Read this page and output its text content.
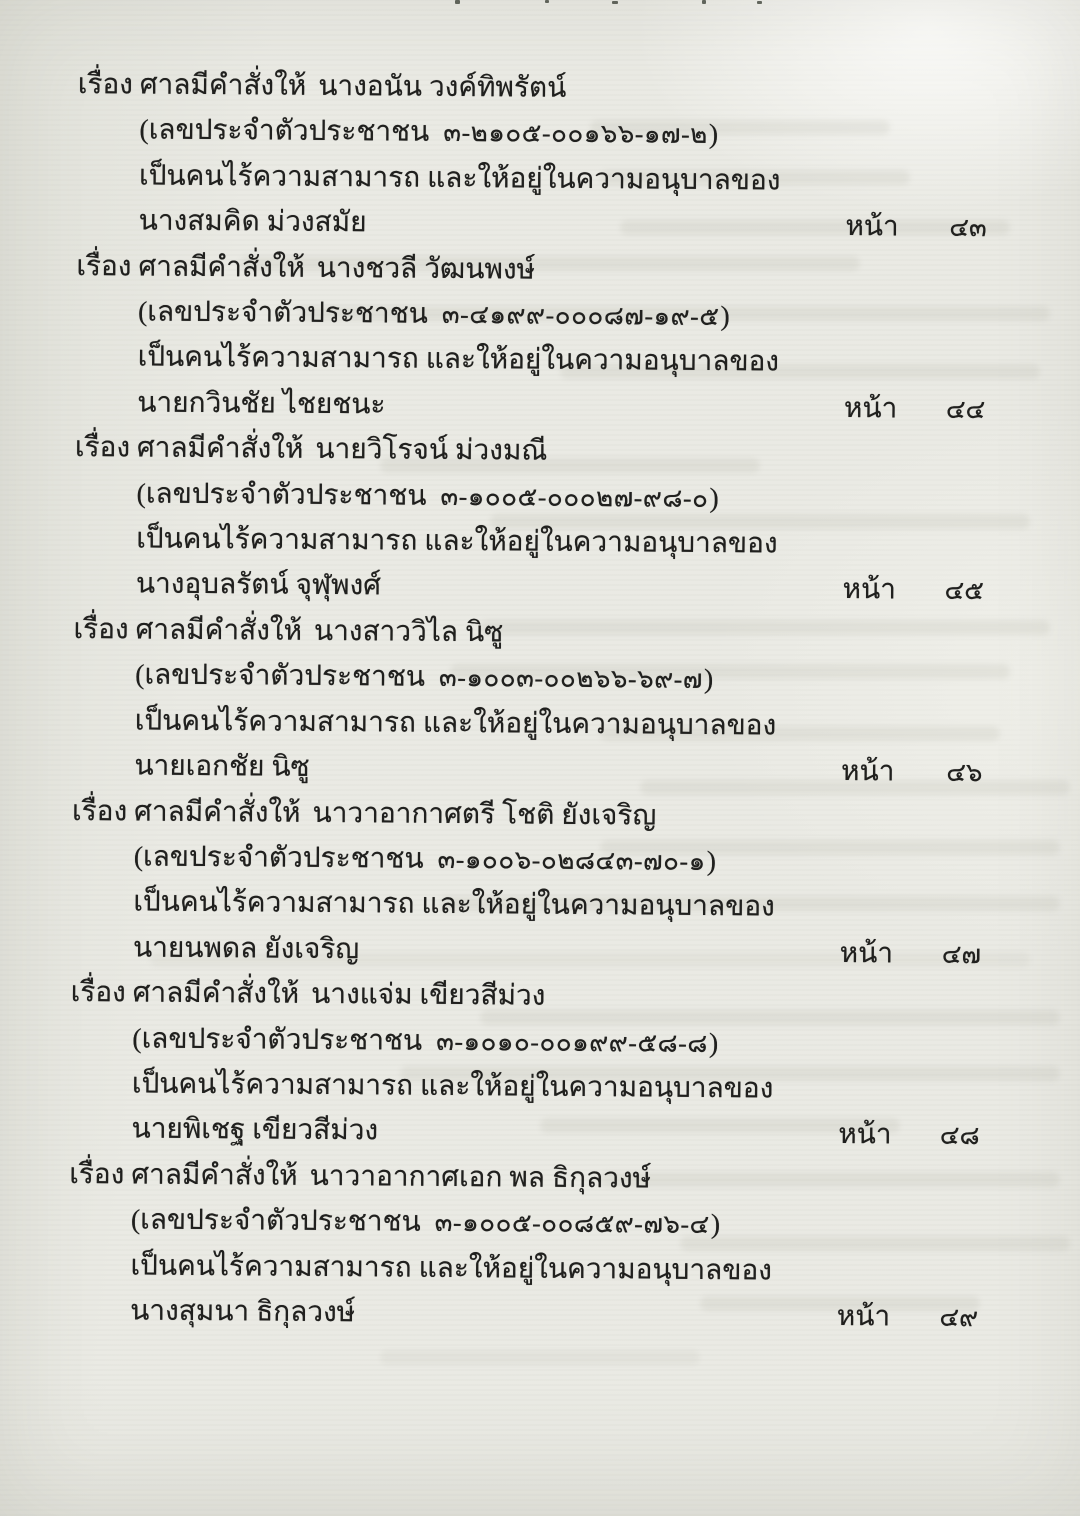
เรื่อง ศาลมีคำสั่งให้ นางอนัน วงค์ทิพรัตน์
(เลขประจำตัวประชาชน ๓-๒๑๐๕-๐๐๑๖๖-๑๗-๒)
เป็นคนไร้ความสามารถ และให้อยู่ในความอนุบาลของ
นางสมคิด ม่วงสมัย	หน้า ๔๓
เรื่อง ศาลมีคำสั่งให้ นางชวลี วัฒนพงษ์
(เลขประจำตัวประชาชน ๓-๔๑๙๙-๐๐๐๘๗-๑๙-๕)
เป็นคนไร้ความสามารถ และให้อยู่ในความอนุบาลของ
นายกวินชัย ไชยชนะ	หน้า ๔๔
เรื่อง ศาลมีคำสั่งให้ นายวิโรจน์ ม่วงมณี
(เลขประจำตัวประชาชน ๓-๑๐๐๕-๐๐๐๒๗-๙๘-๐)
เป็นคนไร้ความสามารถ และให้อยู่ในความอนุบาลของ
นางอุบลรัตน์ จุฬุพงศ์	หน้า ๔๕
เรื่อง ศาลมีคำสั่งให้ นางสาววิไล นิซู
(เลขประจำตัวประชาชน ๓-๑๐๐๓-๐๐๒๖๖-๖๙-๗)
เป็นคนไร้ความสามารถ และให้อยู่ในความอนุบาลของ
นายเอกชัย นิซู	หน้า ๔๖
เรื่อง ศาลมีคำสั่งให้ นาวาอากาศตรี โชติ ยังเจริญ
(เลขประจำตัวประชาชน ๓-๑๐๐๖-๐๒๘๔๓-๗๐-๑)
เป็นคนไร้ความสามารถ และให้อยู่ในความอนุบาลของ
นายนพดล ยังเจริญ	หน้า ๔๗
เรื่อง ศาลมีคำสั่งให้ นางแจ่ม เขียวสีม่วง
(เลขประจำตัวประชาชน ๓-๑๐๑๐-๐๐๑๙๙-๕๘-๘)
เป็นคนไร้ความสามารถ และให้อยู่ในความอนุบาลของ
นายพิเชฐ เขียวสีม่วง	หน้า ๔๘
เรื่อง ศาลมีคำสั่งให้ นาวาอากาศเอก พล ธิกุลวงษ์
(เลขประจำตัวประชาชน ๓-๑๐๐๕-๐๐๘๕๙-๗๖-๔)
เป็นคนไร้ความสามารถ และให้อยู่ในความอนุบาลของ
นางสุมนา ธิกุลวงษ์	หน้า ๔๙
